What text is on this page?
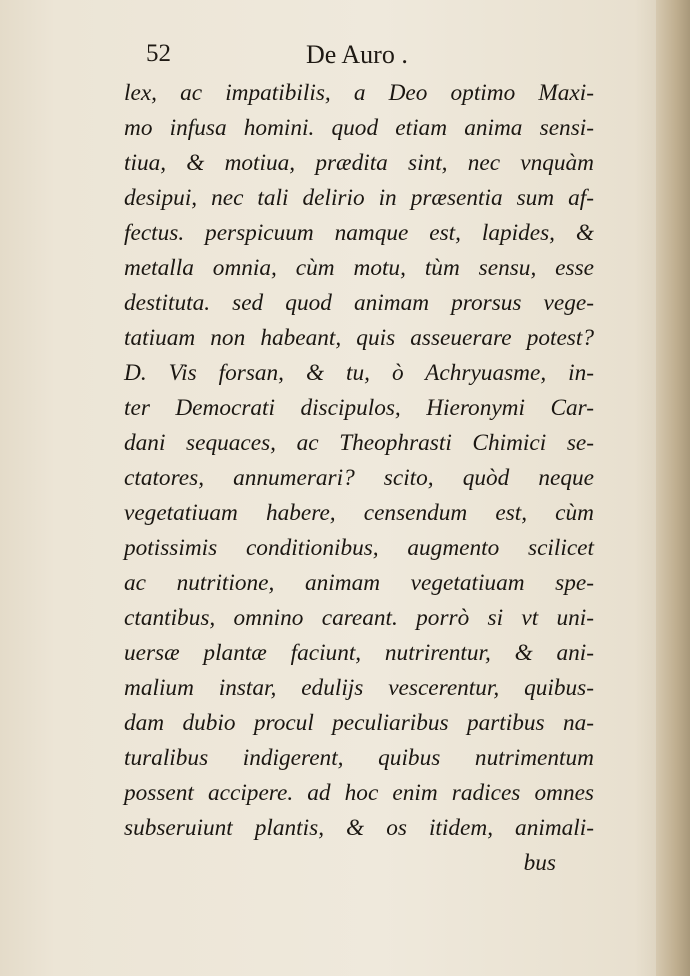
52	De Auro .

lex, ac impatibilis, a Deo optimo Maxi-
mo infusa homini. quod etiam anima sensi-
tiua, & motiua, prædita sint, nec vnquàm
desipui, nec tali delirio in præsentia sum af-
fectus. perspicuum namque est, lapides, &
metalla omnia, cùm motu, tùm sensu, esse
destituta. sed quod animam prorsus vege-
tatiuam non habeant, quis asseuerare potest?
D. Vis forsan, & tu, ò Achryuasme, in-
ter Democrati discipulos, Hieronymi Car-
dani sequaces, ac Theophrasti Chimici se-
ctatores, annumerari? scito, quòd neque
vegetatiuam habere, censendum est, cùm
potissimis conditionibus, augmento scilicet
ac nutritione, animam vegetatiuam spe-
ctantibus, omnino careant. porrò si vt uni-
uersæ plantæ faciunt, nutrirentur, & ani-
malium instar, edulijs vescerentur, quibus-
dam dubio procul peculiaribus partibus na-
turalibus indigerent, quibus nutrimentum
possent accipere. ad hoc enim radices omnes
subseruiunt plantis, & os itidem, animali-
bus
